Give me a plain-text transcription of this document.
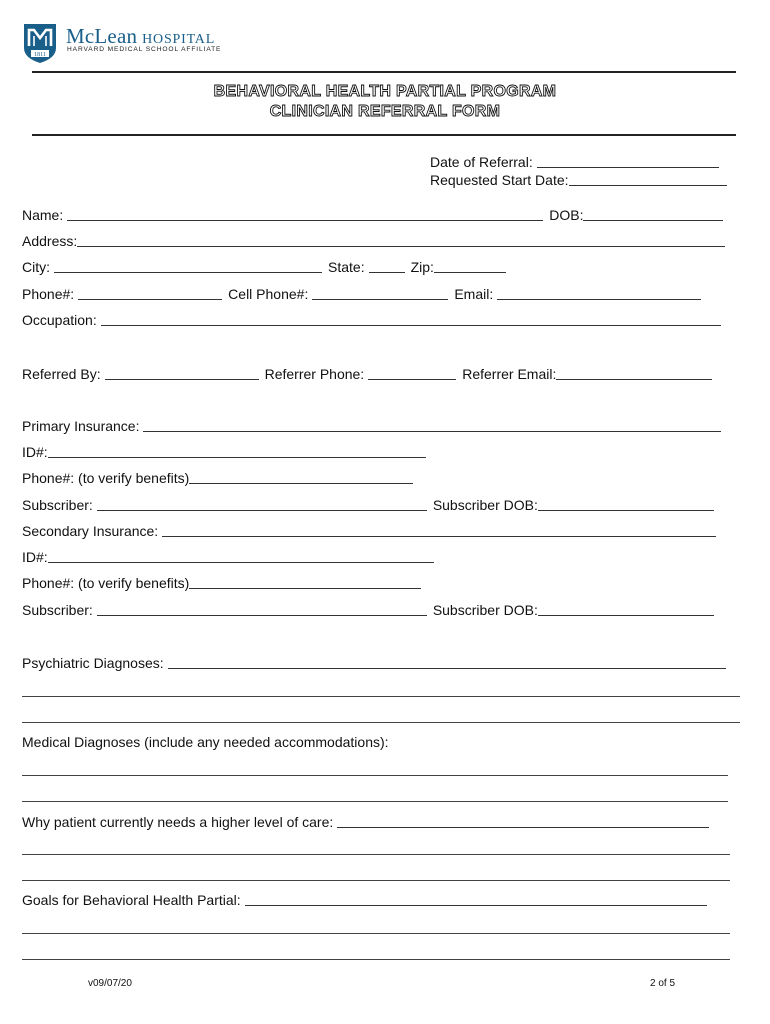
1811
McLean HOSPITAL
HARVARD MEDICAL SCHOOL AFFILIATE
BEHAVIORAL HEALTH PARTIAL PROGRAM
CLINICIAN REFERRAL FORM
Date of Referral:
Requested Start Date:
Name:	DOB:
Address:
City:	State:	Zip:
Phone#:	Cell Phone#:	Email:
Occupation:
Referred By:	Referrer Phone:	Referrer Email:
Primary Insurance:
ID#:
Phone#: (to verify benefits)
Subscriber:	Subscriber DOB:
Secondary Insurance:
ID#:
Phone#: (to verify benefits)
Subscriber:	Subscriber DOB:
Psychiatric Diagnoses:
Medical Diagnoses (include any needed accommodations):
Why patient currently needs a higher level of care:
Goals for Behavioral Health Partial:
v09/07/20	2 of 5
